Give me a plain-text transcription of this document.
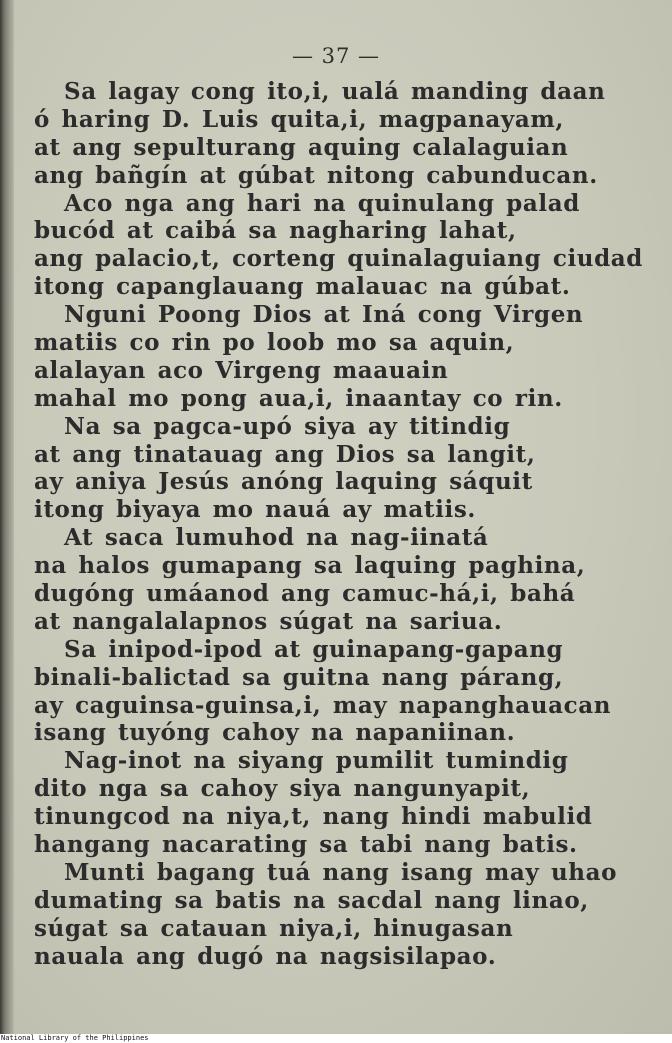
— 37 —
Sa lagay cong ito,i, ualá manding daan
ó haring D. Luis quita,i, magpanayam,
at ang sepulturang aquing calalaguian
ang bañgín at gúbat nitong cabunducan.
Aco nga ang hari na quinulang palad
bucód at caibá sa nagharing lahat,
ang palacio,t, corteng quinalaguiang ciudad
itong capanglauang malauac na gúbat.
Nguni Poong Dios at Iná cong Virgen
matiis co rin po loob mo sa aquin,
alalayan aco Virgeng maauain
mahal mo pong aua,i, inaantay co rin.
Na sa pagca-upó siya ay titindig
at ang tinatauag ang Dios sa langit,
ay aniya Jesús anóng laquing sáquit
itong biyaya mo nauá ay matiis.
At saca lumuhod na nag-iinatá
na halos gumapang sa laquing paghina,
dugóng umáanod ang camuc-há,i, bahá
at nangalalapnos súgat na sariua.
Sa inipod-ipod at guinapang-gapang
binali-balictad sa guitna nang párang,
ay caguinsa-guinsa,i, may napanghauacan
isang tuyóng cahoy na napaniinan.
Nag-inot na siyang pumilit tumindig
dito nga sa cahoy siya nangunyapit,
tinungcod na niya,t, nang hindi mabulid
hangang nacarating sa tabi nang batis.
Munti bagang tuá nang isang may uhao
dumating sa batis na sacdal nang linao,
súgat sa catauan niya,i, hinugasan
nauala ang dugó na nagsisilapao.
National Library of the Philippines
